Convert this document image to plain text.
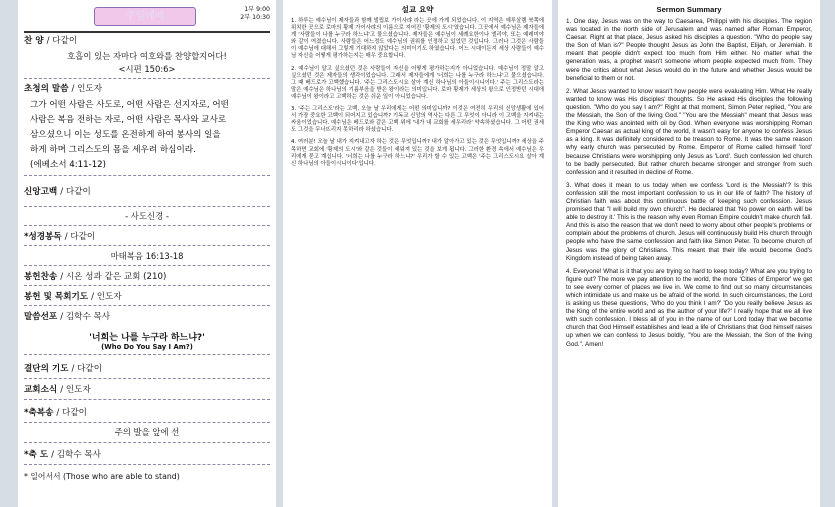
주일예배
1부 9:00
2부 10:30
찬 양 / 다같이
호흡이 있는 자마다 여호와를 찬양할지어다!
<시편 150:6>
초청의 말씀 / 인도자
그가 어떤 사람은 사도로, 어떤 사람은 선지자로, 어떤
사람은 복음 전하는 자로, 어떤 사람은 목사와 교사로
삼으셨으니 이는 성도를 온전하게 하여 봉사의 일을
하게 하며 그리스도의 몸을 세우려 하심이라.
(에베소서 4:11-12)
신앙고백 / 다같이
- 사도신경 -
*성경봉독 / 다같이
마태복음 16:13-18
봉헌찬송 / 시온 성과 같은 교회 (210)
봉헌 및 목회기도 / 인도자
말씀선포 / 김학수 목사
'너희는 나를 누구라 하느냐?'
(Who Do You Say I Am?)
결단의 기도 / 다같이
교회소식 / 인도자
*축복송 / 다같이
주의 발을 앞에 선
*축 도 / 김학수 목사
* 일어서서 (Those who are able to stand)
설교 요약

1. 하루는 예수님이 제자들과 함께 빌립보 가이사랴 라는 곳에 가게 되었습니다. 이 지역은 예루살렘 북쪽에 위치한 곳으로 로마의 황제 가이사랴의 이름으로 지어진 '황제의 도시'였습니다. 그곳에서 예수님은 제자들에게 '사람들이 나를 누구라 하느냐'고 물으셨습니다. 제자들은 예수님이 세례요한이나 엘리야, 또는 예레미야와 같이 여겼습니다. 사람들은 어느정도 예수님의 권위를 인정하고 있었던 것입니다. 그러나 그것은 사람들이 예수님에 대해서 그렇게 기대하지 않았다는 의미이기도 하였습니다. 어느 시대이든지 세상 사람들이 예수님 자신을 어떻게 평가하는지는 매우 중요합니다.

2. 예수님이 알고 싶으셨던 것은 사람들이 자신을 어떻게 평가하는지가 아니었습니다. 예수님이 정말 알고 싶으셨던 것은 제자들의 생각이었습니다. 그래서 제자들에게 '너희는 나를 누구라 하느냐'고 물으셨습니다. 그 때 베드로가 고백했습니다. '주는 그리스도시요 살아 계신 하나님의 아들이시니이다.' 주는 그리스도라는 말은 예수님은 하나님의 기름부음을 받은 왕이라는 의미입니다. 로마 황제가 세상의 왕으로 인정받던 시대에 예수님이 왕이라고 고백하는 것은 쉬운 일이 아니었습니다.

3. '주는 그리스도'라는 고백, 오늘 날 우리에게는 어떤 의미입니까? 이것은 여전히 우리의 신앙생활에 있어서 가장 중요한 고백이 되어지고 있습니까? 기독교 신앙의 역사는 다른 그 무엇이 아니라 이 고백을 지켜내는 싸움이었습니다. 예수님은 베드로와 같은 고백 위에 '내가 내 교회를 세우리라' 약속하셨습니다. 그 어떤 권세도 그것을 무너뜨리지 못하리라 하셨습니다.

4. 여러분! 오늘 날 내가 지켜내고자 하는 것은 무엇입니까? 내가 알아가고 있는 것은 무엇입니까? 세상을 주목하면 교회에 '황제의 도시'와 같은 것들이 세워져 있는 것을 보게 됩니다. 그러한 환경 속에서 예수님은 우리에게 묻고 계십니다. '너희는 나를 누구라 하느냐?' 우리가 할 수 있는 고백은 '주는 그리스도시요 살아 계신 하나님의 아들이시니이다'입니다.

Sermon Summary

1. One day, Jesus was on the way to Caesarea, Philippi with his disciples. The region was located in the north side of Jerusalem and was named after Roman Emperor, Caesar. Right at that place, Jesus asked his disciples a question. "Who do people say the Son of Man is?" People thought Jesus as John the Baptist, Elijah, or Jeremiah. It meant that people didn't expect too much from Him either. No matter what the generation was, a prophet wasn't someone whom people expected much from. They were the critics about what Jesus would do in the future and whether Jesus would be beneficial to them or not.

2. What Jesus wanted to know wasn't how people were evaluating Him. What He really wanted to know was His disciples' thoughts. So He asked His disciples the following question. "Who do you say I am?" Right at that moment, Simon Peter replied, "You are the Messiah, the Son of the living God." "You are the Messiah" meant that Jesus was the King who was anointed with oil by God. When everyone was worshipping Roman Emperor Caesar as actual king of the world, it wasn't easy for anyone to confess Jesus as a king. It was definitely considered to be treason to Rome. It was the same reason why early church was persecuted by Rome. Emperor of Rome called himself 'lord' because Christians were worshipping only Jesus as 'Lord'. Such confession led church to be badly persecuted. But rather church became stronger and stronger from such confession and it resulted in decline of Rome.

3. What does it mean to us today when we confess 'Lord is the Messiah'? Is this confession still the most important confession to us in our life of faith? The history of Christian faith was about this continuous battle of keeping such confession. Jesus promised that "I will build my own church". He declared that 'No power on earth will be able to destroy it.' This is the reason why even Roman Empire couldn't make church fall. And this is also the reason that we don't need to worry about other people's problems or complain about the problems of church. Jesus will continuously build His church through people who have the same confession and faith like Simon Peter. To become church of Jesus was the glory of Christians. This meant that their life would become God's Kingdom instead of being taken away.

4. Everyone! What is it that you are trying so hard to keep today? What are you trying to figure out? The more we pay attention to the world, the more 'Cities of Emperor' we get to see every corner of places we live in. We come to find out so many circumstances which intimidate us and make us be afraid of the world. In such circumstances, the Lord is asking us these questions, 'Who do you think I am?' 'Do you really believe Jesus as the King of the entire world and as the author of your life?' I really hope that we all live with such confession. I bless all of you in the name of our Lord today that we become church that God Himself establishes and lead a life of Christians that God himself raises up when we can confess to Jesus boldly, "You are the Messiah, the Son of the living God.". Amen!
